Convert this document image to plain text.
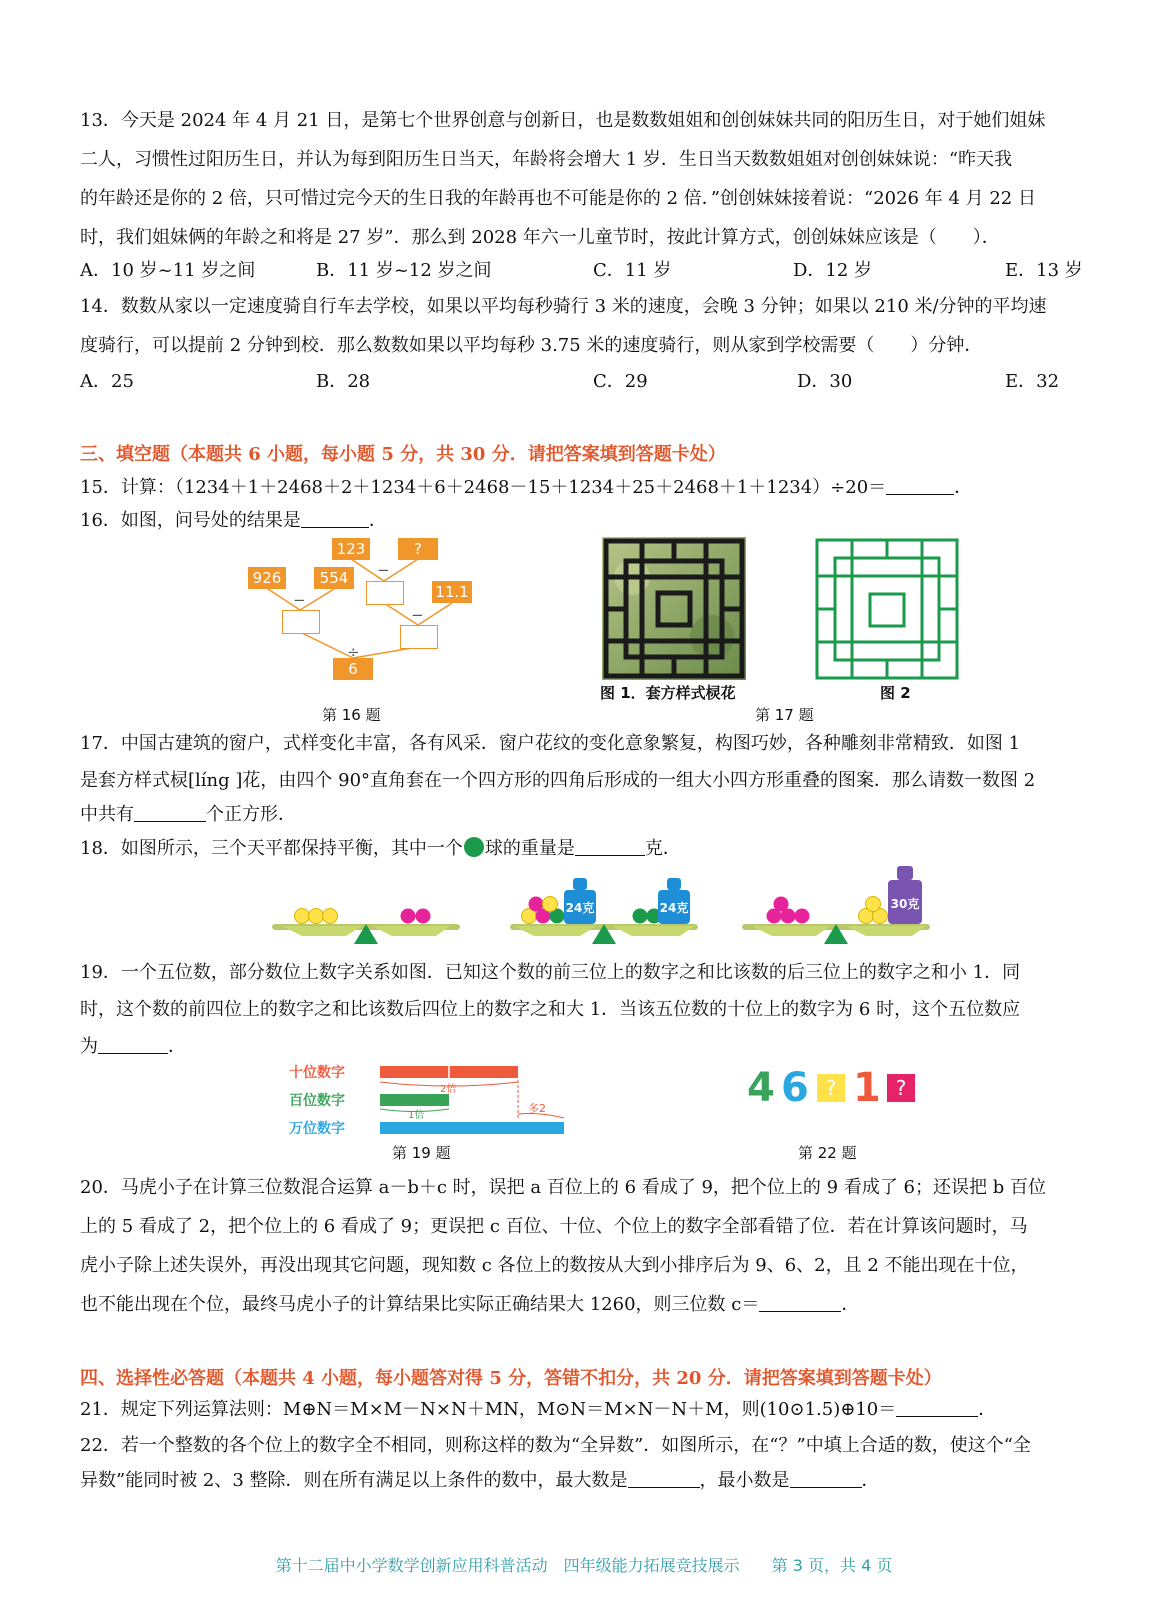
13．今天是 2024 年 4 月 21 日，是第七个世界创意与创新日，也是数数姐姐和创创妹妹共同的阳历生日，对于她们姐妹
二人，习惯性过阳历生日，并认为每到阳历生日当天，年龄将会增大 1 岁．生日当天数数姐姐对创创妹妹说：“昨天我
的年龄还是你的 2 倍，只可惜过完今天的生日我的年龄再也不可能是你的 2 倍．”创创妹妹接着说：“2026 年 4 月 22 日
时，我们姐妹俩的年龄之和将是 27 岁”．那么到 2028 年六一儿童节时，按此计算方式，创创妹妹应该是（　　）．
A．10 岁~11 岁之间	B．11 岁~12 岁之间	C．11 岁	D．12 岁	E．13 岁
14．数数从家以一定速度骑自行车去学校，如果以平均每秒骑行 3 米的速度，会晚 3 分钟；如果以 210 米/分钟的平均速
度骑行，可以提前 2 分钟到校．那么数数如果以平均每秒 3.75 米的速度骑行，则从家到学校需要（　　）分钟．
A．25	B．28	C．29	D．30	E．32
三、填空题（本题共 6 小题，每小题 5 分，共 30 分．请把答案填到答题卡处）
15．计算：（1234＋1＋2468＋2＋1234＋6＋2468－15＋1234＋25＋2468＋1＋1234）÷20＝	．
16．如图，问号处的结果是	．
926	554
123	?
11.1
6
−
−
−
÷
第 16 题
图 1．套方样式棂花	图 2
第 17 题
17．中国古建筑的窗户，式样变化丰富，各有风采．窗户花纹的变化意象繁复，构图巧妙，各种雕刻非常精致．如图 1
是套方样式棂[líng ]花，由四个 90°直角套在一个四方形的四角后形成的一组大小四方形重叠的图案．那么请数一数图 2
中共有	个正方形．
18．如图所示，三个天平都保持平衡，其中一个 球的重量是	克．
24克	24克	30克
19．一个五位数，部分数位上数字关系如图．已知这个数的前三位上的数字之和比该数的后三位上的数字之和小 1．同
时，这个数的前四位上的数字之和比该数后四位上的数字之和大 1．当该五位数的十位上的数字为 6 时，这个五位数应
为	．
十位数字
百位数字
万位数字
2倍
1倍
多2
第 19 题
4 6 ? 1 ?
第 22 题
20．马虎小子在计算三位数混合运算 a－b＋c 时，误把 a 百位上的 6 看成了 9，把个位上的 9 看成了 6；还误把 b 百位
上的 5 看成了 2，把个位上的 6 看成了 9；更误把 c 百位、十位、个位上的数字全部看错了位．若在计算该问题时，马
虎小子除上述失误外，再没出现其它问题，现知数 c 各位上的数按从大到小排序后为 9、6、2，且 2 不能出现在十位，
也不能出现在个位，最终马虎小子的计算结果比实际正确结果大 1260，则三位数 c＝	．
四、选择性必答题（本题共 4 小题，每小题答对得 5 分，答错不扣分，共 20 分．请把答案填到答题卡处）
21．规定下列运算法则：M⊕N＝M×M－N×N＋MN，M⊙N＝M×N－N＋M，则(10⊙1.5)⊕10＝	．
22．若一个整数的各个位上的数字全不相同，则称这样的数为“全异数”．如图所示，在“？”中填上合适的数，使这个“全
异数”能同时被 2、3 整除．则在所有满足以上条件的数中，最大数是	，最小数是	．
第十二届中小学数学创新应用科普活动　四年级能力拓展竞技展示　　第 3 页，共 4 页
